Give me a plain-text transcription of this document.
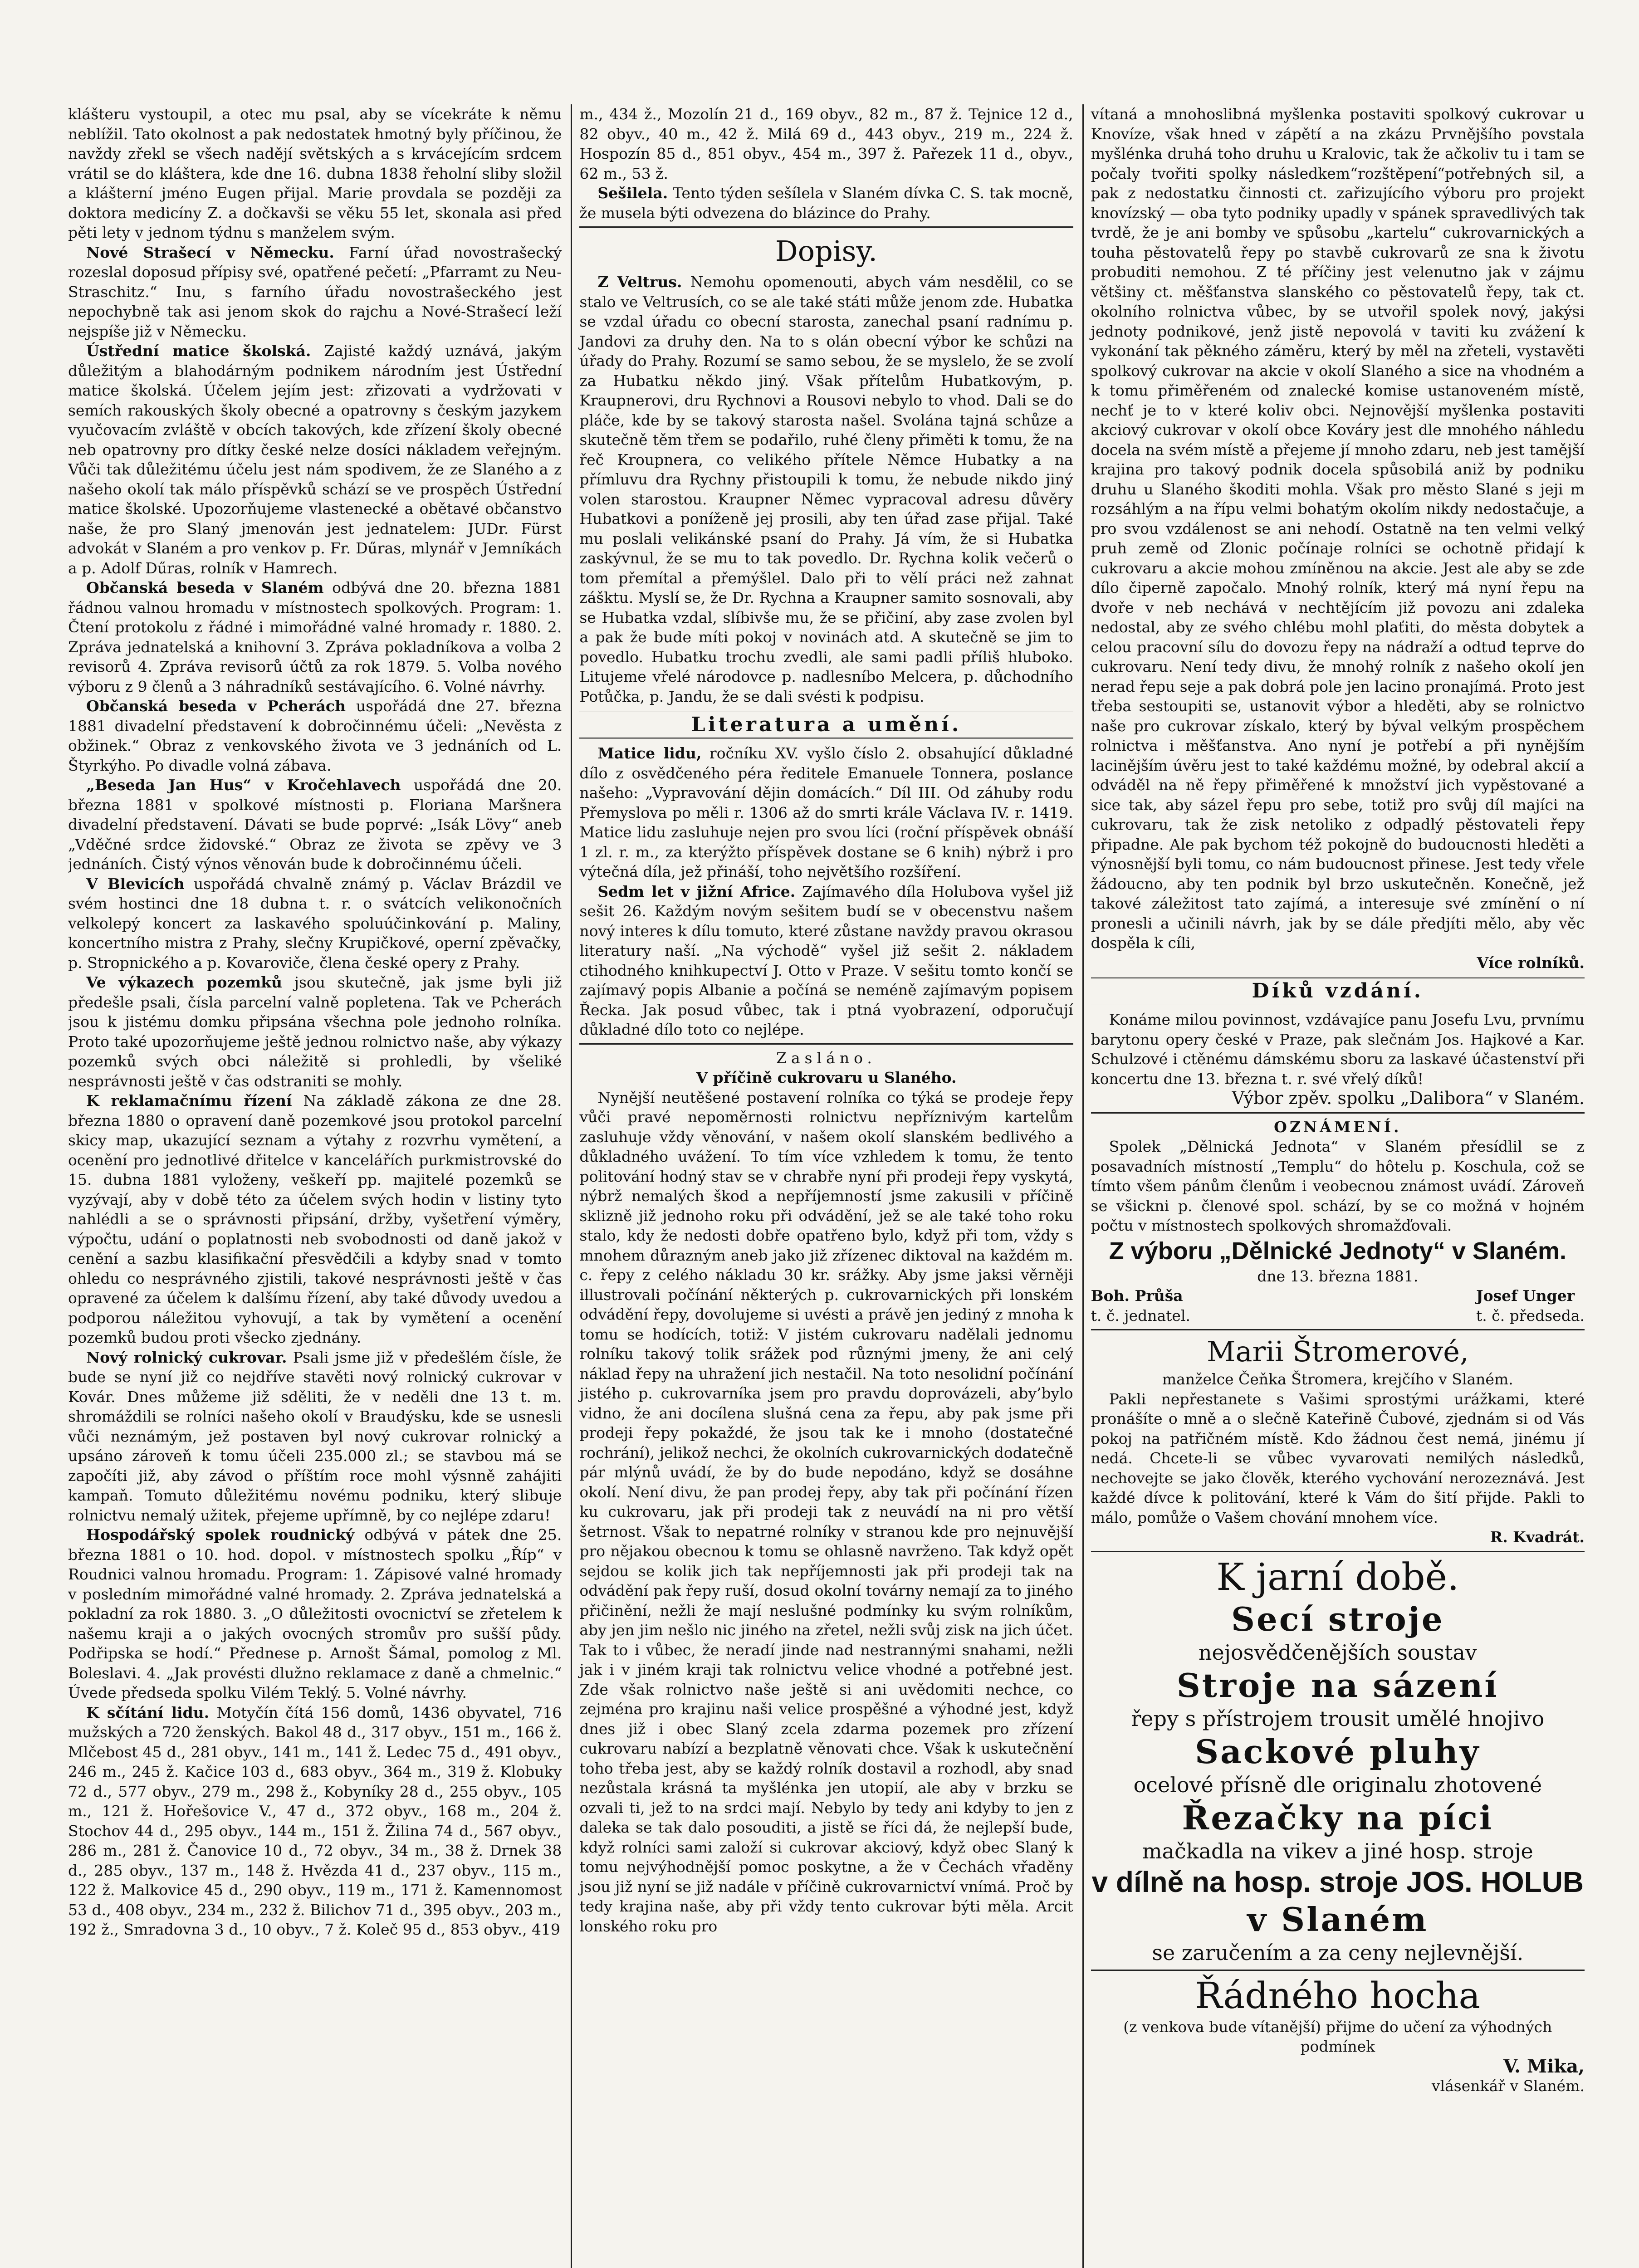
klášteru vystoupil, a otec mu psal, aby se vícekráte k němu neblížil. Tato okolnost a pak nedostatek hmotný byly příčinou, že navždy zřekl se všech nadějí světských a s krvácejícím srdcem vrátil se do kláštera, kde dne 16. dubna 1838 řeholní sliby složil a klášterní jméno Eugen přijal. Marie provdala se později za doktora medicíny Z. a dočkavši se věku 55 let, skonala asi před pěti lety v jednom týdnu s manželem svým.

Nové Strašecí v Německu. Farní úřad novostrašecký rozeslal doposud přípisy své, opatřené pečetí: „Pfarramt zu Neu-Straschitz.“ Inu, s farního úřadu novostrašeckého jest nepochybně tak asi jenom skok do rajchu a Nové-Strašecí leží nejspíše již v Německu.

Ústřední matice školská. Zajisté každý uznává, jakým důležitým a blahodárným podnikem národním jest Ústřední matice školská. Účelem jejím jest: zřizovati a vydržovati v semích rakouských školy obecné a opatrovny s českým jazykem vyučovacím zvláště v obcích takových, kde zřízení školy obecné neb opatrovny pro dítky české nelze dosíci nákladem veřejným. Vůči tak důležitému účelu jest nám spodivem, že ze Slaného a z našeho okolí tak málo příspěvků schází se ve prospěch Ústřední matice školské. Upozorňujeme vlastenecké a obětavé občanstvo naše, že pro Slaný jmenován jest jednatelem: JUDr. Fürst advokát v Slaném a pro venkov p. Fr. Dűras, mlynář v Jemníkách a p. Adolf Dűras, rolník v Hamrech.

Občanská beseda v Slaném odbývá dne 20. března 1881 řádnou valnou hromadu v místnostech spolkových. Program: 1. Čtení protokolu z řádné i mimořádné valné hromady r. 1880. 2. Zpráva jednatelská a knihovní 3. Zpráva pokladníkova a volba 2 revisorů 4. Zpráva revisorů účtů za rok 1879. 5. Volba nového výboru z 9 členů a 3 náhradníků sestávajícího. 6. Volné návrhy.

Občanská beseda v Pcherách uspořádá dne 27. března 1881 divadelní představení k dobročinnému účeli: „Nevěsta z obžinek.“ Obraz z venkovského života ve 3 jednáních od L. Štyrkýho. Po divadle volná zábava.

„Beseda Jan Hus“ v Kročehlavech uspořádá dne 20. března 1881 v spolkové místnosti p. Floriana Maršnera divadelní představení. Dávati se bude poprvé: „Isák Lövy“ aneb „Vděčné srdce židovské.“ Obraz ze života se zpěvy ve 3 jednáních. Čistý výnos věnován bude k dobročinnému účeli.

V Blevicích uspořádá chvalně známý p. Václav Brázdil ve svém hostinci dne 18 dubna t. r. o svátcích velikonočních velkolepý koncert za laskavého spoluúčinkování p. Maliny, koncertního mistra z Prahy, slečny Krupičkové, operní zpěvačky, p. Stropnického a p. Kovaroviče, člena české opery z Prahy.

Ve výkazech pozemků jsou skutečně, jak jsme byli již předešle psali, čísla parcelní valně popletena. Tak ve Pcherách jsou k jistému domku připsána všechna pole jednoho rolníka. Proto také upozorňujeme ještě jednou rolnictvo naše, aby výkazy pozemků svých obci náležitě si prohledli, by všeliké nesprávnosti ještě v čas odstraniti se mohly.

K reklamačnímu řízení Na základě zákona ze dne 28. března 1880 o opravení daně pozemkové jsou protokol parcelní skicy map, ukazující seznam a výtahy z rozvrhu vymětení, a ocenění pro jednotlivé dřitelce v kancelářích purkmistrovské do 15. dubna 1881 vyloženy, veškeří pp. majitelé pozemků se vyzývají, aby v době této za účelem svých hodin v listiny tyto nahlédli a se o správnosti připsání, držby, vyšetření výměry, výpočtu, udání o poplatnosti neb svobodnosti od daně jakož v cenění a sazbu klasifikační přesvědčili a kdyby snad v tomto ohledu co nesprávného zjistili, takové nesprávnosti ještě v čas opravené za účelem k dalšímu řízení, aby také důvody uvedou a podporou náležitou vyhovují, a tak by vymětení a ocenění pozemků budou proti všecko zjednány.

Nový rolnický cukrovar. Psali jsme již v předešlém čísle, že bude se nyní již co nejdříve stavěti nový rolnický cukrovar v Kovár. Dnes můžeme již sděliti, že v neděli dne 13 t. m. shromáždili se rolníci našeho okolí v Braudýsku, kde se usnesli vůči neznámým, jež postaven byl nový cukrovar rolnický a upsáno zároveň k tomu účeli 235.000 zl.; se stavbou má se započíti již, aby závod o příštím roce mohl výsnně zahájiti kampaň. Tomuto důležitému novému podniku, který slibuje rolnictvu nemalý užitek, přejeme upřímně, by co nejlépe zdaru!

Hospodářský spolek roudnický odbývá v pátek dne 25. března 1881 o 10. hod. dopol. v místnostech spolku „Říp“ v Roudnici valnou hromadu. Program: 1. Zápisové valné hromady v posledním mimořádné valné hromady. 2. Zpráva jednatelská a pokladní za rok 1880. 3. „O důležitosti ovocnictví se zřetelem k našemu kraji a o jakých ovocných stromův pro sušší půdy. Podřipska se hodí.“ Přednese p. Arnošt Šámal, pomolog z Ml. Boleslavi. 4. „Jak provésti dlužno reklamace z daně a chmelnic.“ Úvede předseda spolku Vilém Teklý. 5. Volné návrhy.

K sčítání lidu. Motyčín čítá 156 domů, 1436 obyvatel, 716 mužských a 720 ženských. Bakol 48 d., 317 obyv., 151 m., 166 ž. Mlčebost 45 d., 281 obyv., 141 m., 141 ž. Ledec 75 d., 491 obyv., 246 m., 245 ž. Kačice 103 d., 683 obyv., 364 m., 319 ž. Klobuky 72 d., 577 obyv., 279 m., 298 ž., Kobyníky 28 d., 255 obyv., 105 m., 121 ž. Hořešovice V., 47 d., 372 obyv., 168 m., 204 ž. Stochov 44 d., 295 obyv., 144 m., 151 ž. Žilina 74 d., 567 obyv., 286 m., 281 ž. Čanovice 10 d., 72 obyv., 34 m., 38 ž. Drnek 38 d., 285 obyv., 137 m., 148 ž. Hvězda 41 d., 237 obyv., 115 m., 122 ž. Malkovice 45 d., 290 obyv., 119 m., 171 ž. Kamennomost 53 d., 408 obyv., 234 m., 232 ž. Bilichov 71 d., 395 obyv., 203 m., 192 ž., Smradovna 3 d., 10 obyv., 7 ž. Koleč 95 d., 853 obyv., 419

m., 434 ž., Mozolín 21 d., 169 obyv., 82 m., 87 ž. Tejnice 12 d., 82 obyv., 40 m., 42 ž. Milá 69 d., 443 obyv., 219 m., 224 ž. Hospozín 85 d., 851 obyv., 454 m., 397 ž. Pařezek 11 d., obyv., 62 m., 53 ž.

Sešilela. Tento týden sešílela v Slaném dívka C. S. tak mocně, že musela býti odvezena do blázince do Prahy.

Dopisy.

Z Veltrus. Nemohu opomenouti, abych vám nesdělil, co se stalo ve Veltrusích, co se ale také státi může jenom zde. Hubatka se vzdal úřadu co obecní starosta, zanechal psaní radnímu p. Jandovi za druhy den. Na to s olán obecní výbor ke schůzi na úřady do Prahy. Rozumí se samo sebou, že se myslelo, že se zvolí za Hubatku někdo jiný. Však přítelům Hubatkovým, p. Kraupnerovi, dru Rychnovi a Rousovi nebylo to vhod. Dali se do pláče, kde by se takový starosta našel. Svolána tajná schůze a skutečně těm třem se podařilo, ruhé členy přiměti k tomu, že na řeč Kroupnera, co velikého přítele Němce Hubatky a na přímluvu dra Rychny přistoupili k tomu, že nebude nikdo jiný volen starostou. Kraupner Němec vypracoval adresu důvěry Hubatkovi a poníženě jej prosili, aby ten úřad zase přijal. Také mu poslali velikánské psaní do Prahy. Já vím, že si Hubatka zaskývnul, že se mu to tak povedlo. Dr. Rychna kolik večerů o tom přemítal a přemýšlel. Dalo při to vělí práci než zahnat zášktu. Myslí se, že Dr. Rychna a Kraupner samito sosnovali, aby se Hubatka vzdal, slíbivše mu, že se přičiní, aby zase zvolen byl a pak že bude míti pokoj v novinách atd. A skutečně se jim to povedlo. Hubatku trochu zvedli, ale sami padli příliš hluboko. Litujeme vřelé národovce p. nadlesníbo Melcera, p. důchodního Potůčka, p. Jandu, že se dali svésti k podpisu.

Literatura a umění.

Matice lidu, ročníku XV. vyšlo číslo 2. obsahující důkladné dílo z osvědčeného péra ředitele Emanuele Tonnera, poslance našeho: „Vypravování dějin domácích.“ Díl III. Od záhuby rodu Přemyslova po měli r. 1306 až do smrti krále Václava IV. r. 1419. Matice lidu zasluhuje nejen pro svou líci (roční příspěvek obnáší 1 zl. r. m., za kterýžto příspěvek dostane se 6 knih) nýbrž i pro výtečná díla, jež přináší, toho největšího rozšíření.

Sedm let v jižní Africe. Zajímavého díla Holubova vyšel již sešit 26. Každým novým sešitem budí se v obecenstvu našem nový interes k dílu tomuto, které zůstane navždy pravou okrasou literatury naší. „Na východě“ vyšel již sešit 2. nákladem ctihodného knihkupectví J. Otto v Praze. V sešitu tomto končí se zajímavý popis Albanie a počíná se neméně zajímavým popisem Řecka. Jak posud vůbec, tak i ptná vyobrazení, odporučují důkladné dílo toto co nejlépe.

Zasláno.
V příčině cukrovaru u Slaného.

Nynější neutěšené postavení rolníka co týká se prodeje řepy vůči pravé nepoměrnosti rolnictvu nepříznivým kartelům zasluhuje vždy věnování, v našem okolí slanském bedlivého a důkladného uvážení. To tím více vzhledem k tomu, že tento politování hodný stav se v chrabře nyní při prodeji řepy vyskytá, nýbrž nemalých škod a nepříjemností jsme zakusili v příčině sklizně již jednoho roku při odvádění, jež se ale také toho roku stalo, kdy že nedosti dobře opatřeno bylo, když při tom, vždy s mnohem důrazným aneb jako již zřízenec diktoval na každém m. c. řepy z celého nákladu 30 kr. srážky. Aby jsme jaksi věrněji illustrovali počínání některých p. cukrovarnických při lonském odvádění řepy, dovolujeme si uvésti a právě jen jediný z mnoha k tomu se hodících, totiž: V jistém cukrovaru nadělali jednomu rolníku takový tolik srážek pod různými jmeny, že ani celý náklad řepy na uhražení jich nestačil. Na toto nesolidní počínání jistého p. cukrovarníka jsem pro pravdu doprovázeli, aby’bylo vidno, že ani docílena slušná cena za řepu, aby pak jsme při prodeji řepy pokaždé, že jsou tak ke i mnoho (dostatečné rochrání), jelikož nechci, že okolních cukrovarnických dodatečně pár mlýnů uvádí, že by do bude nepodáno, když se dosáhne okolí. Není divu, že pan prodej řepy, aby tak při počínání řízen ku cukrovaru, jak při prodeji tak z neuvádí na ni pro větší šetrnost. Však to nepatrné rolníky v stranou kde pro nejnuvější pro nějakou obecnou k tomu se ohlasně navrženo. Tak když opět sejdou se kolik jich tak nepříjemnosti jak při prodeji tak na odvádění pak řepy ruší, dosud okolní továrny nemají za to jiného přičinění, nežli že mají neslušné podmínky ku svým rolníkům, aby jen jim nešlo nic jiného na zřetel, nežli svůj zisk na jich účet. Tak to i vůbec, že neradí jinde nad nestrannými snahami, nežli jak i v jiném kraji tak rolnictvu velice vhodné a potřebné jest. Zde však rolnictvo naše ještě si ani uvědomiti nechce, co zejména pro krajinu naši velice prospěšné a výhodné jest, když dnes již i obec Slaný zcela zdarma pozemek pro zřízení cukrovaru nabízí a bezplatně věnovati chce. Však k uskutečnění toho třeba jest, aby se každý rolník dostavil a rozhodl, aby snad nezůstala krásná ta myšlénka jen utopií, ale aby v brzku se ozvali ti, jež to na srdci mají. Nebylo by tedy ani kdyby to jen z daleka se tak dalo posouditi, a jistě se říci dá, že nejlepší bude, když rolníci sami založí si cukrovar akciový, když obec Slaný k tomu nejvýhodnější pomoc poskytne, a že v Čechách vřaděny jsou již nyní se již nadále v příčině cukrovarnictví vnímá. Proč by tedy krajina naše, aby při vždy tento cukrovar býti měla. Arcit lonského roku pro

vítaná a mnohoslibná myšlenka postaviti spolkový cukrovar u Knovíze, však hned v zápětí a na zkázu Prvnějšího povstala myšlénka druhá toho druhu u Kralovic, tak že ačkoliv tu i tam se počaly tvořiti spolky následkem“rozštěpení“potřebných sil, a pak z nedostatku činnosti ct. zařizujícího výboru pro projekt knovízský — oba tyto podniky upadly v spánek spravedlivých tak tvrdě, že je ani bomby ve spůsobu „kartelu“ cukrovarnických a touha pěstovatelů řepy po stavbě cukrovarů ze sna k životu probuditi nemohou. Z té příčiny jest velenutno jak v zájmu většiny ct. měšťanstva slanského co pěstovatelů řepy, tak ct. okolního rolnictva vůbec, by se utvořil spolek nový, jakýsi jednoty podnikové, jenž jistě nepovolá v taviti ku zvážení k vykonání tak pěkného záměru, který by měl na zřeteli, vystavěti spolkový cukrovar na akcie v okolí Slaného a sice na vhodném a k tomu přiměřeném od znalecké komise ustanoveném místě, nechť je to v které koliv obci. Nejnovější myšlenka postaviti akciový cukrovar v okolí obce Kováry jest dle mnohého náhledu docela na svém místě a přejeme jí mnoho zdaru, neb jest tamější krajina pro takový podnik docela spůsobilá aniž by podniku druhu u Slaného škoditi mohla. Však pro město Slané s jeji m rozsáhlým a na řípu velmi bohatým okolím nikdy nedostačuje, a pro svou vzdálenost se ani nehodí. Ostatně na ten velmi velký pruh země od Zlonic počínaje rolníci se ochotně přidají k cukrovaru a akcie mohou zmíněnou na akcie. Jest ale aby se zde dílo čiperně započalo. Mnohý rolník, který má nyní řepu na dvoře v neb nechává v nechtějícím již povozu ani zdaleka nedostal, aby ze svého chlébu mohl plaťiti, do města dobytek a celou pracovní sílu do dovozu řepy na nádraží a odtud teprve do cukrovaru. Není tedy divu, že mnohý rolník z našeho okolí jen nerad řepu seje a pak dobrá pole jen lacino pronajímá. Proto jest třeba sestoupiti se, ustanovit výbor a hleděti, aby se rolnictvo naše pro cukrovar získalo, který by býval velkým prospěchem rolnictva i měšťanstva. Ano nyní je potřebí a při nynějším lacinějším úvěru jest to také každému možné, by odebral akcií a odváděl na ně řepy přiměřené k množství jich vypěstované a sice tak, aby sázel řepu pro sebe, totiž pro svůj díl majíci na cukrovaru, tak že zisk netoliko z odpadlý pěstovateli řepy připadne. Ale pak bychom též pokojně do budoucnosti hleděti a výnosnější byli tomu, co nám budoucnost přinese. Jest tedy vřele žádoucno, aby ten podnik byl brzo uskutečněn. Konečně, jež takové záležitost tato zajímá, a interesuje své zmínění o ní pronesli a učinili návrh, jak by se dále předjíti mělo, aby věc dospěla k cíli,

Více rolníků.
Díků vzdání.

Konáme milou povinnost, vzdávajíce panu Josefu Lvu, prvnímu barytonu opery české v Praze, pak slečnám Jos. Hajkové a Kar. Schulzové i ctěnému dámskému sboru za laskavé účastenství při koncertu dne 13. března t. r. své vřelý díků!

Výbor zpěv. spolku „Dalibora“ v Slaném.
OZNÁMENÍ.

Spolek „Dělnická Jednota“ v Slaném přesídlil se z posavadních místností „Templu“ do hôtelu p. Koschula, což se tímto všem pánům členům i veobecnou známost uvádí. Zároveň se všickni p. členové spol. schází, by se co možná v hojném počtu v místnostech spolkových shromažďovali.

Z výboru „Dělnické Jednoty“ v Slaném.
dne 13. března 1881.
Boh. Průša
t. č. jednatel.
Josef Unger
t. č. předseda.
Marii Štromerové,
manželce Čeňka Štromera, krejčího v Slaném.

Pakli nepřestanete s Vašimi sprostými urážkami, které pronášíte o mně a o slečně Kateřině Čubové, zjednám si od Vás pokoj na patřičném místě. Kdo žádnou čest nemá, jinému jí nedá. Chcete-li se vůbec vyvarovati nemilých následků, nechovejte se jako člověk, kterého vychování nerozeznává. Jest každé dívce k politování, které k Vám do šití přijde. Pakli to málo, pomůže o Vašem chování mnohem více.

R. Kvadrát.
K jarní době.
Secí stroje
nejosvědčenějších soustav
Stroje na sázení
řepy s přístrojem trousit umělé hnojivo
Sackové pluhy
ocelové přísně dle originalu zhotovené
Řezačky na píci
mačkadla na vikev a jiné hosp. stroje
v dílně na hosp. stroje JOS. HOLUB
v Slaném
se zaručením a za ceny nejlevnější.
Řádného hocha
(z venkova bude vítanější) přijme do učení za výhodných podmínek
V. Mika,
vlásenkář v Slaném.
